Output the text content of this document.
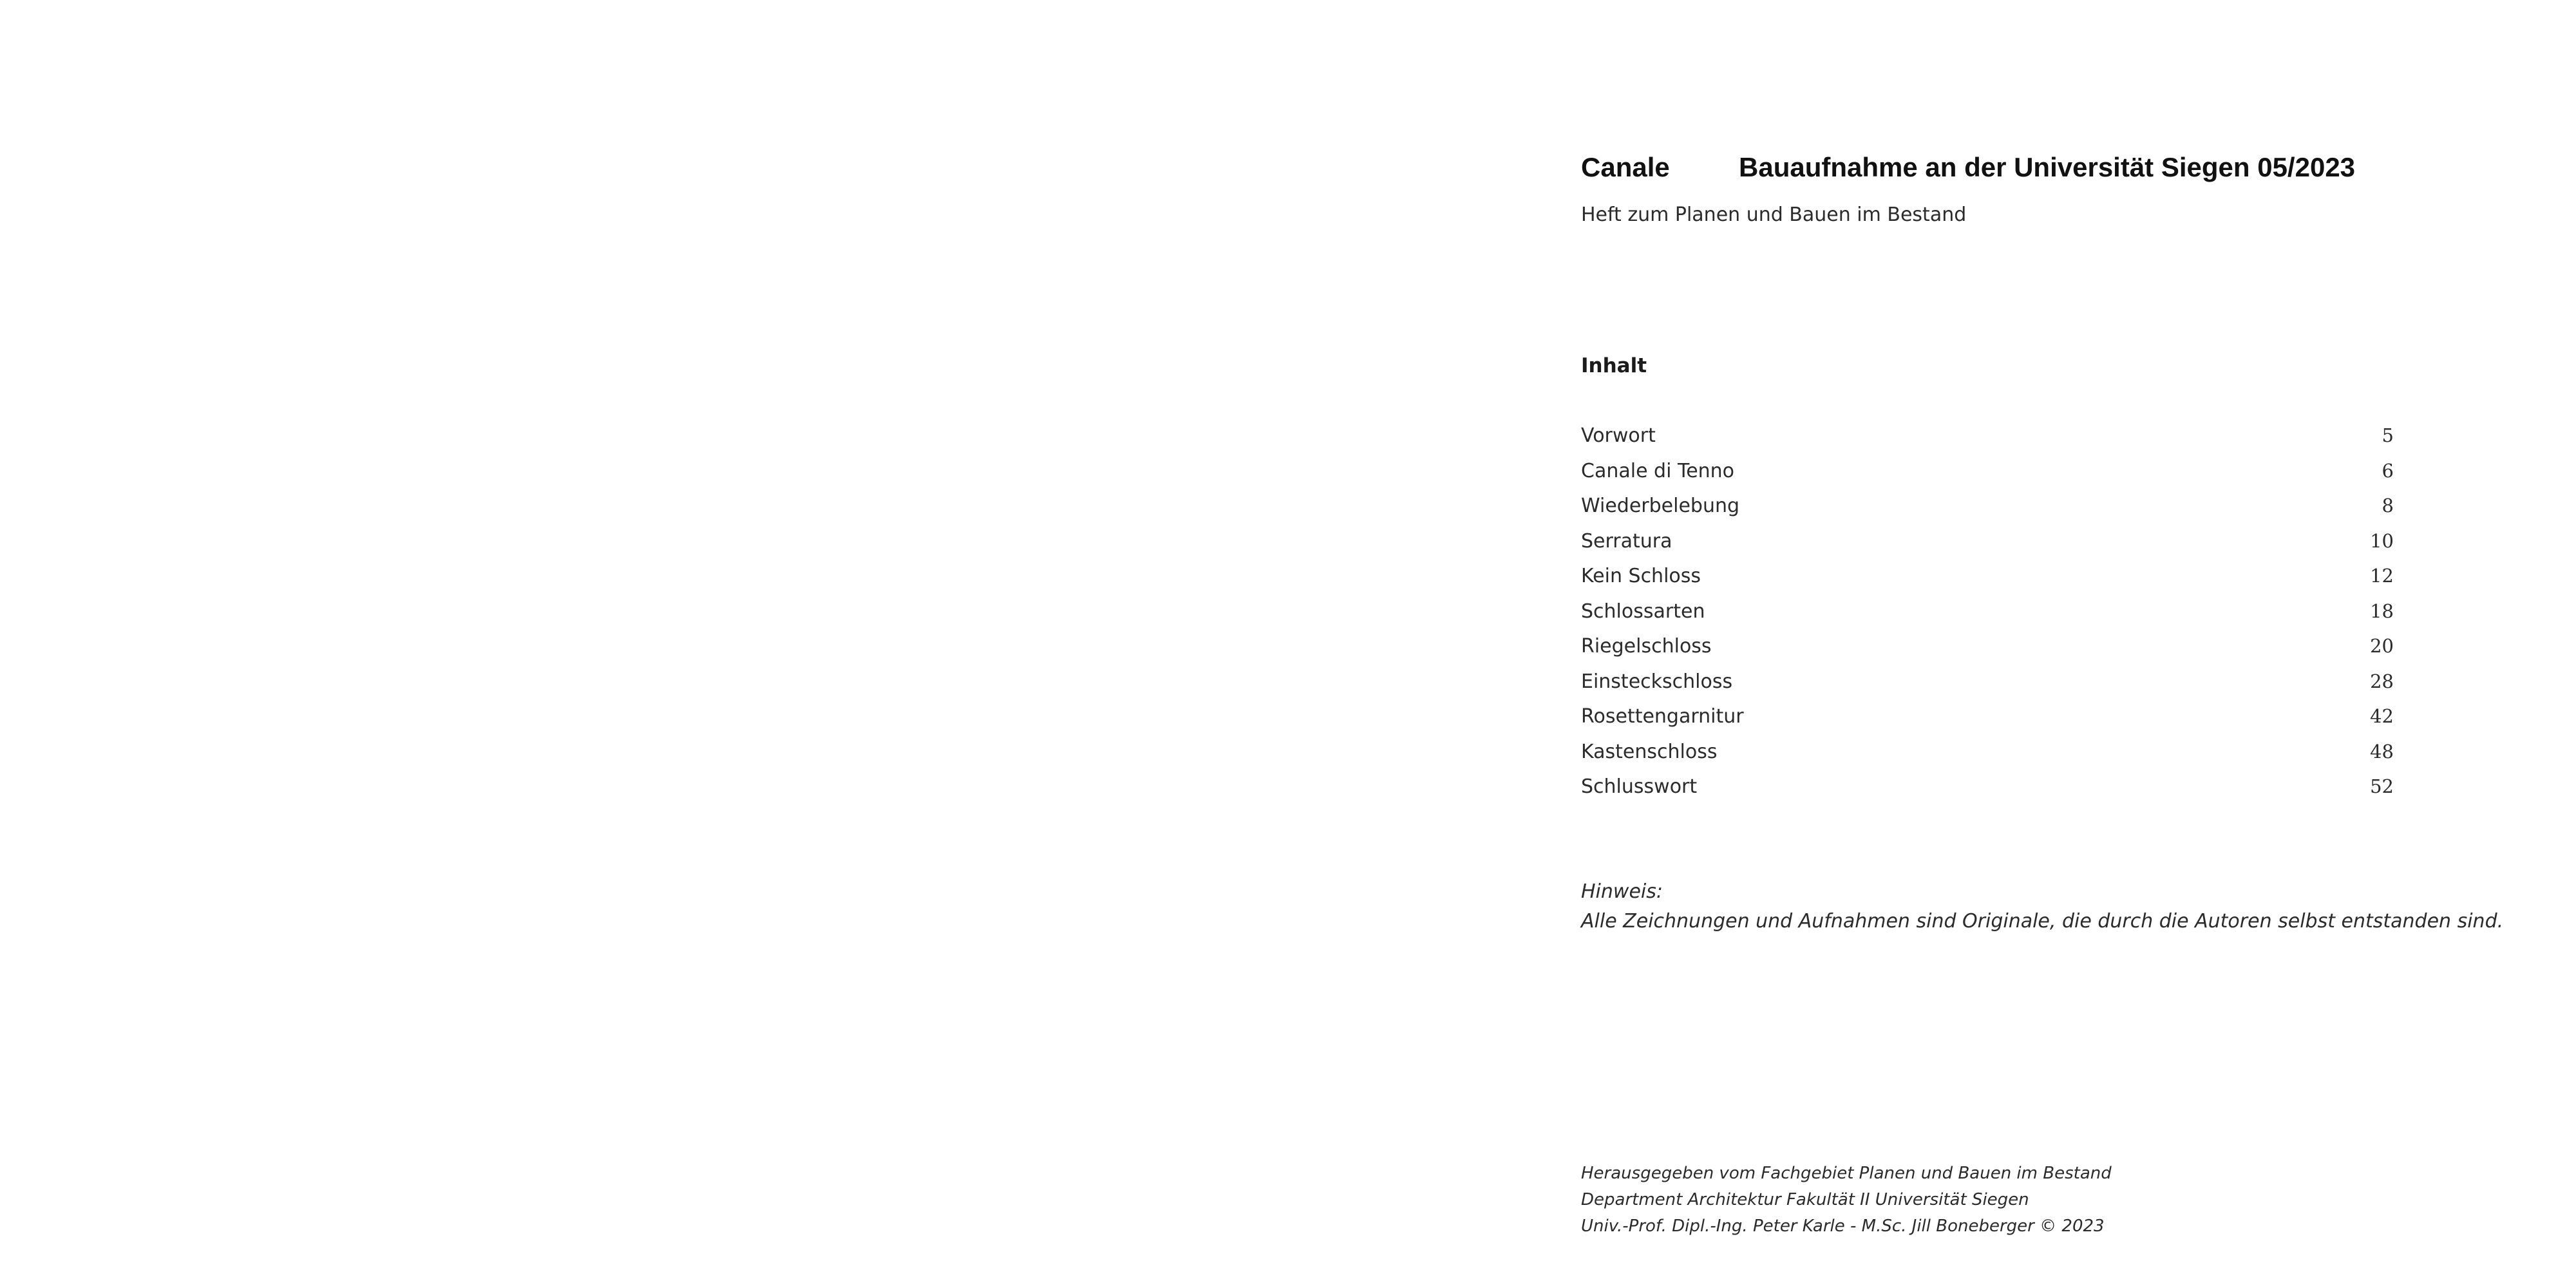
Canale	Bauaufnahme an der Universität Siegen 05/2023
Heft zum Planen und Bauen im Bestand
Inhalt
Vorwort	5
Canale di Tenno	6
Wiederbelebung	8
Serratura	10
Kein Schloss	12
Schlossarten	18
Riegelschloss	20
Einsteckschloss	28
Rosettengarnitur	42
Kastenschloss	48
Schlusswort	52
Hinweis:
Alle Zeichnungen und Aufnahmen sind Originale, die durch die Autoren selbst entstanden sind.
Herausgegeben vom Fachgebiet Planen und Bauen im Bestand
Department Architektur Fakultät II Universität Siegen
Univ.-Prof. Dipl.-Ing. Peter Karle - M.Sc. Jill Boneberger © 2023
